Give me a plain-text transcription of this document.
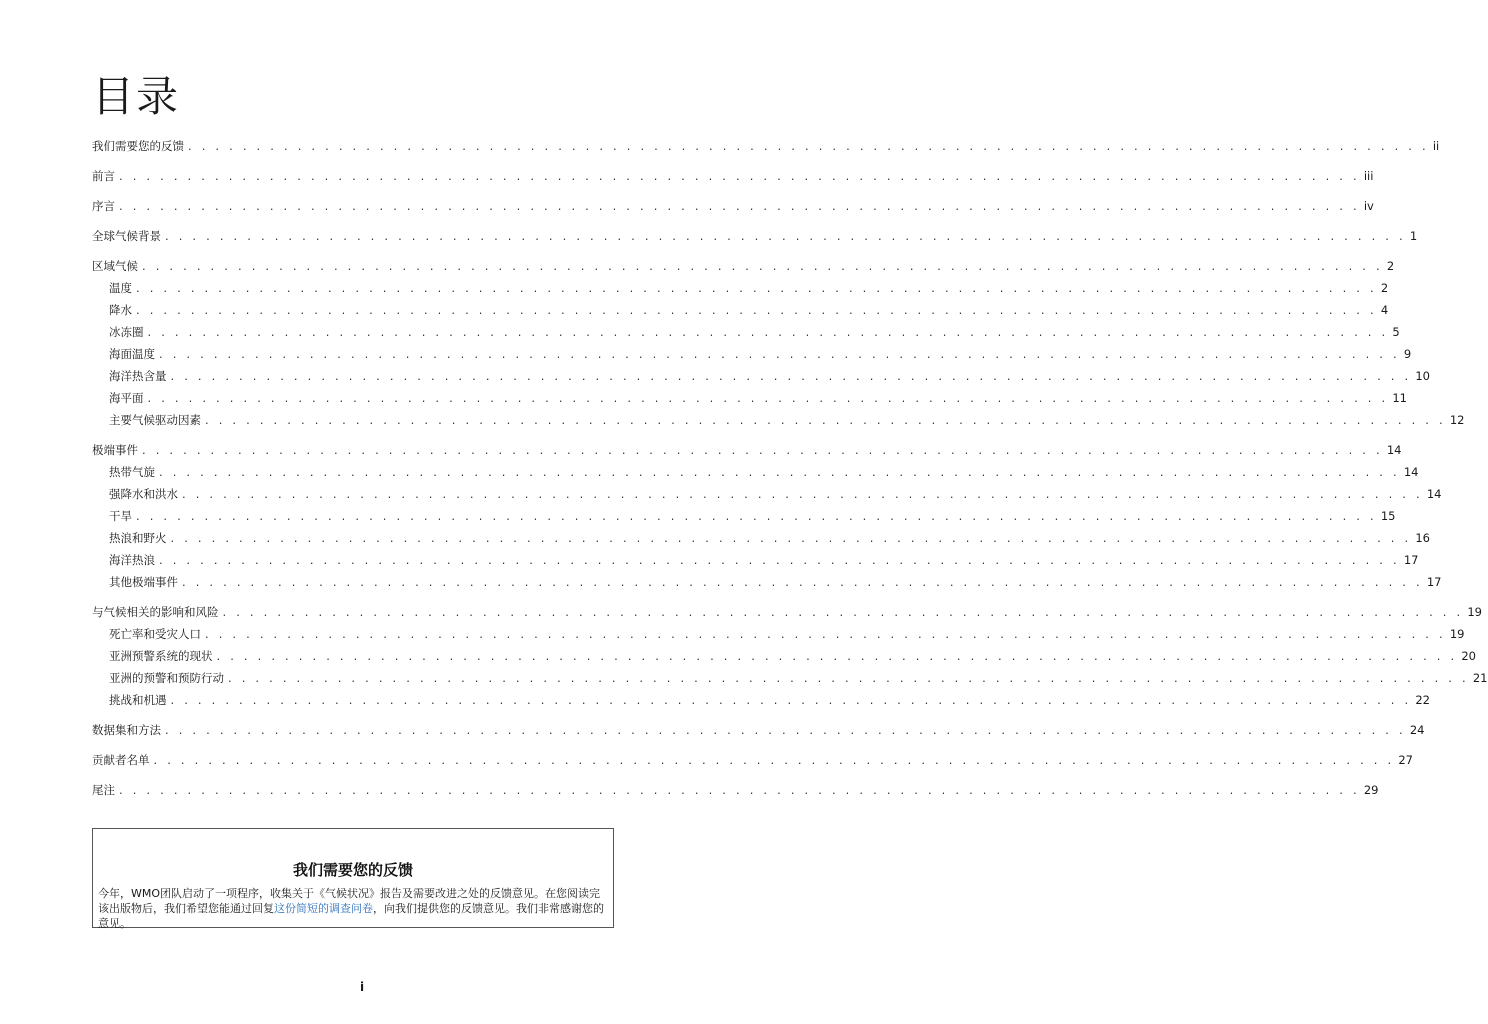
目录
我们需要您的反馈 . . . . . . . . . . . . . . . . . . . . . . . . . . . . . . . . . . . . . . . . . . . . . . . . . . . . . . . . . . . . . . . . . . . . . . . . . . . . . . . . . . . . . . . . . . . ii
前言 . . . . . . . . . . . . . . . . . . . . . . . . . . . . . . . . . . . . . . . . . . . . . . . . . . . . . . . . . . . . . . . . . . . . . . . . . . . . . . . . . . . . . . . . . . . iii
序言 . . . . . . . . . . . . . . . . . . . . . . . . . . . . . . . . . . . . . . . . . . . . . . . . . . . . . . . . . . . . . . . . . . . . . . . . . . . . . . . . . . . . . . . . . . . iv
全球气候背景 . . . . . . . . . . . . . . . . . . . . . . . . . . . . . . . . . . . . . . . . . . . . . . . . . . . . . . . . . . . . . . . . . . . . . . . . . . . . . . . . . . . . . . . . . . . 1
区域气候 . . . . . . . . . . . . . . . . . . . . . . . . . . . . . . . . . . . . . . . . . . . . . . . . . . . . . . . . . . . . . . . . . . . . . . . . . . . . . . . . . . . . . . . . . . . 2
温度 . . . . . . . . . . . . . . . . . . . . . . . . . . . . . . . . . . . . . . . . . . . . . . . . . . . . . . . . . . . . . . . . . . . . . . . . . . . . . . . . . . . . . . . . . . . 2
降水 . . . . . . . . . . . . . . . . . . . . . . . . . . . . . . . . . . . . . . . . . . . . . . . . . . . . . . . . . . . . . . . . . . . . . . . . . . . . . . . . . . . . . . . . . . . 4
冰冻圈 . . . . . . . . . . . . . . . . . . . . . . . . . . . . . . . . . . . . . . . . . . . . . . . . . . . . . . . . . . . . . . . . . . . . . . . . . . . . . . . . . . . . . . . . . . . 5
海面温度 . . . . . . . . . . . . . . . . . . . . . . . . . . . . . . . . . . . . . . . . . . . . . . . . . . . . . . . . . . . . . . . . . . . . . . . . . . . . . . . . . . . . . . . . . . . 9
海洋热含量 . . . . . . . . . . . . . . . . . . . . . . . . . . . . . . . . . . . . . . . . . . . . . . . . . . . . . . . . . . . . . . . . . . . . . . . . . . . . . . . . . . . . . . . . . . . 10
海平面 . . . . . . . . . . . . . . . . . . . . . . . . . . . . . . . . . . . . . . . . . . . . . . . . . . . . . . . . . . . . . . . . . . . . . . . . . . . . . . . . . . . . . . . . . . . 11
主要气候驱动因素 . . . . . . . . . . . . . . . . . . . . . . . . . . . . . . . . . . . . . . . . . . . . . . . . . . . . . . . . . . . . . . . . . . . . . . . . . . . . . . . . . . . . . . . . . . . 12
极端事件 . . . . . . . . . . . . . . . . . . . . . . . . . . . . . . . . . . . . . . . . . . . . . . . . . . . . . . . . . . . . . . . . . . . . . . . . . . . . . . . . . . . . . . . . . . . 14
热带气旋 . . . . . . . . . . . . . . . . . . . . . . . . . . . . . . . . . . . . . . . . . . . . . . . . . . . . . . . . . . . . . . . . . . . . . . . . . . . . . . . . . . . . . . . . . . . 14
强降水和洪水 . . . . . . . . . . . . . . . . . . . . . . . . . . . . . . . . . . . . . . . . . . . . . . . . . . . . . . . . . . . . . . . . . . . . . . . . . . . . . . . . . . . . . . . . . . . 14
干旱 . . . . . . . . . . . . . . . . . . . . . . . . . . . . . . . . . . . . . . . . . . . . . . . . . . . . . . . . . . . . . . . . . . . . . . . . . . . . . . . . . . . . . . . . . . . 15
热浪和野火 . . . . . . . . . . . . . . . . . . . . . . . . . . . . . . . . . . . . . . . . . . . . . . . . . . . . . . . . . . . . . . . . . . . . . . . . . . . . . . . . . . . . . . . . . . . 16
海洋热浪 . . . . . . . . . . . . . . . . . . . . . . . . . . . . . . . . . . . . . . . . . . . . . . . . . . . . . . . . . . . . . . . . . . . . . . . . . . . . . . . . . . . . . . . . . . . 17
其他极端事件 . . . . . . . . . . . . . . . . . . . . . . . . . . . . . . . . . . . . . . . . . . . . . . . . . . . . . . . . . . . . . . . . . . . . . . . . . . . . . . . . . . . . . . . . . . . 17
与气候相关的影响和风险 . . . . . . . . . . . . . . . . . . . . . . . . . . . . . . . . . . . . . . . . . . . . . . . . . . . . . . . . . . . . . . . . . . . . . . . . . . . . . . . . . . . . . . . . . . . 19
死亡率和受灾人口 . . . . . . . . . . . . . . . . . . . . . . . . . . . . . . . . . . . . . . . . . . . . . . . . . . . . . . . . . . . . . . . . . . . . . . . . . . . . . . . . . . . . . . . . . . . 19
亚洲预警系统的现状 . . . . . . . . . . . . . . . . . . . . . . . . . . . . . . . . . . . . . . . . . . . . . . . . . . . . . . . . . . . . . . . . . . . . . . . . . . . . . . . . . . . . . . . . . . . 20
亚洲的预警和预防行动 . . . . . . . . . . . . . . . . . . . . . . . . . . . . . . . . . . . . . . . . . . . . . . . . . . . . . . . . . . . . . . . . . . . . . . . . . . . . . . . . . . . . . . . . . . . 21
挑战和机遇 . . . . . . . . . . . . . . . . . . . . . . . . . . . . . . . . . . . . . . . . . . . . . . . . . . . . . . . . . . . . . . . . . . . . . . . . . . . . . . . . . . . . . . . . . . . 22
数据集和方法 . . . . . . . . . . . . . . . . . . . . . . . . . . . . . . . . . . . . . . . . . . . . . . . . . . . . . . . . . . . . . . . . . . . . . . . . . . . . . . . . . . . . . . . . . . . 24
贡献者名单 . . . . . . . . . . . . . . . . . . . . . . . . . . . . . . . . . . . . . . . . . . . . . . . . . . . . . . . . . . . . . . . . . . . . . . . . . . . . . . . . . . . . . . . . . . . 27
尾注 . . . . . . . . . . . . . . . . . . . . . . . . . . . . . . . . . . . . . . . . . . . . . . . . . . . . . . . . . . . . . . . . . . . . . . . . . . . . . . . . . . . . . . . . . . . 29
我们需要您的反馈
今年，WMO团队启动了一项程序，收集关于《气候状况》报告及需要改进之处的反馈意见。在您阅读完该出版物后，我们希望您能通过回复这份简短的调查问卷，向我们提供您的反馈意见。我们非常感谢您的意见。
i
